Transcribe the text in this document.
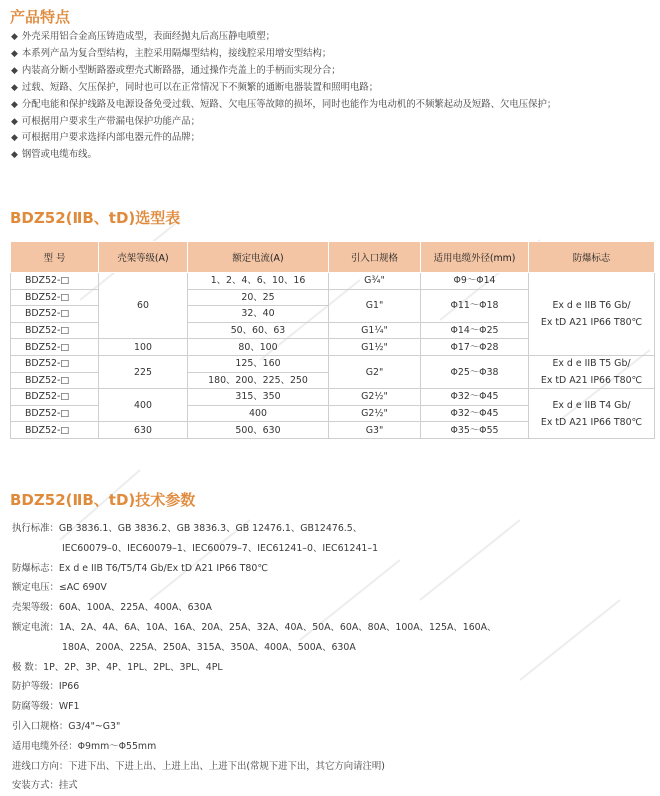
产品特点
◆ 外壳采用铝合金高压铸造成型，表面经抛丸后高压静电喷塑；
◆ 本系列产品为复合型结构，主腔采用隔爆型结构，接线腔采用增安型结构；
◆ 内装高分断小型断路器或塑壳式断路器，通过操作壳盖上的手柄而实现分合；
◆ 过载、短路、欠压保护，同时也可以在正常情况下不频繁的通断电器装置和照明电路；
◆ 分配电能和保护线路及电源设备免受过载、短路、欠电压等故障的损坏，同时也能作为电动机的不频繁起动及短路、欠电压保护；
◆ 可根据用户要求生产带漏电保护功能产品；
◆ 可根据用户要求选择内部电器元件的品牌；
◆ 钢管或电缆布线。
BDZ52(ⅡB、tD)选型表
型 号	壳架等级(A)	额定电流(A)	引入口规格	适用电缆外径(mm)	防爆标志
BDZ52-□	60	1、2、4、6、10、16	G¾"	Φ9～Φ14	Ex d e IIB T6 Gb/
Ex tD A21 IP66 T80℃

BDZ52-□		20、25	G1"	Φ11～Φ18	
BDZ52-□		32、40			
BDZ52-□		50、60、63	G1¼"	Φ14～Φ25	
BDZ52-□	100	80、100	G1½"	Φ17～Φ28	
BDZ52-□	225	125、160	G2"	Φ25～Φ38	Ex d e IIB T5 Gb/
Ex tD A21 IP66 T80℃

BDZ52-□		180、200、225、250			
BDZ52-□	400	315、350	G2½"	Φ32～Φ45	Ex d e IIB T4 Gb/
Ex tD A21 IP66 T80℃

BDZ52-□		400	G2½"	Φ32～Φ45	
BDZ52-□	630	500、630	G3"	Φ35～Φ55	
BDZ52(ⅡB、tD)技术参数
执行标准：GB 3836.1、GB 3836.2、GB 3836.3、GB 12476.1、GB12476.5、
IEC60079–0、IEC60079–1、IEC60079–7、IEC61241–0、IEC61241–1
防爆标志：Ex d e IIB T6/T5/T4 Gb/Ex tD A21 IP66 T80℃
额定电压：≤AC 690V
壳架等级：60A、100A、225A、400A、630A
额定电流：1A、2A、4A、6A、10A、16A、20A、25A、32A、40A、50A、60A、80A、100A、125A、160A、
180A、200A、225A、250A、315A、350A、400A、500A、630A
极 数：1P、2P、3P、4P、1PL、2PL、3PL、4PL
防护等级：IP66
防腐等级：WF1
引入口规格：G3/4"~G3"
适用电缆外径：Φ9mm～Φ55mm
进线口方向：下进下出、下进上出、上进上出、上进下出(常规下进下出，其它方向请注明)
安装方式：挂式
